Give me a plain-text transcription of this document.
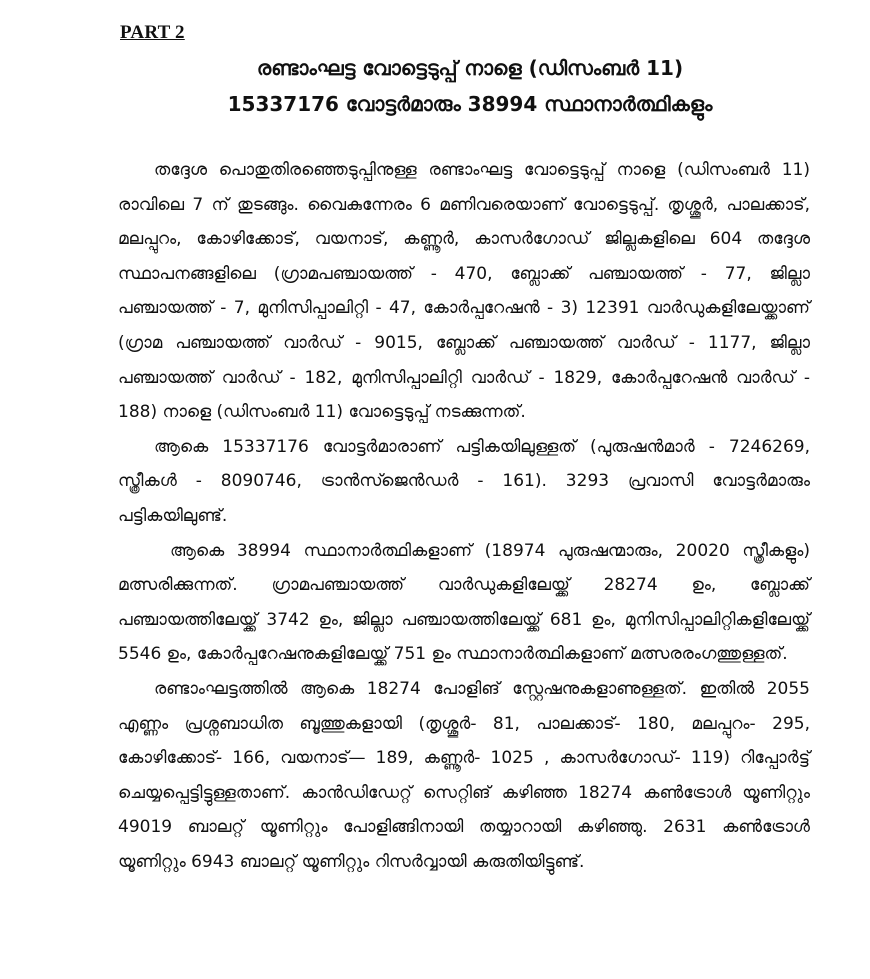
PART 2
രണ്ടാംഘട്ട വോട്ടെടുപ്പ് നാളെ (ഡിസംബർ 11)
15337176 വോട്ടർമാരും 38994 സ്ഥാനാർത്ഥികളും

തദ്ദേശ പൊതുതിരഞ്ഞെടുപ്പിനുള്ള രണ്ടാംഘട്ട വോട്ടെടുപ്പ് നാളെ (ഡിസംബർ 11) രാവിലെ 7 ന് തുടങ്ങും. വൈകുന്നേരം 6 മണിവരെയാണ് വോട്ടെടുപ്പ്. തൃശ്ശൂർ, പാലക്കാട്, മലപ്പുറം, കോഴിക്കോട്, വയനാട്, കണ്ണൂർ, കാസർഗോഡ് ജില്ലകളിലെ 604 തദ്ദേശ സ്ഥാപനങ്ങളിലെ (ഗ്രാമപഞ്ചായത്ത് - 470, ബ്ലോക്ക് പഞ്ചായത്ത് - 77, ജില്ലാ പഞ്ചായത്ത് - 7, മുനിസിപ്പാലിറ്റി - 47, കോർപ്പറേഷൻ - 3) 12391 വാർഡുകളിലേയ്ക്കാണ് (ഗ്രാമ പഞ്ചായത്ത് വാർഡ് - 9015, ബ്ലോക്ക് പഞ്ചായത്ത് വാർഡ് - 1177, ജില്ലാ പഞ്ചായത്ത് വാർഡ് - 182, മുനിസിപ്പാലിറ്റി വാർഡ് - 1829, കോർപ്പറേഷൻ വാർഡ് - 188) നാളെ (ഡിസംബർ 11) വോട്ടെടുപ്പ് നടക്കുന്നത്.

ആകെ 15337176 വോട്ടർമാരാണ് പട്ടികയിലുള്ളത് (പുരുഷൻമാർ - 7246269, സ്ത്രീകൾ - 8090746, ട്രാൻസ്ജെൻഡർ - 161). 3293 പ്രവാസി വോട്ടർമാരും പട്ടികയിലുണ്ട്.

ആകെ 38994 സ്ഥാനാർത്ഥികളാണ് (18974 പുരുഷന്മാരും, 20020 സ്ത്രീകളും) മത്സരിക്കുന്നത്. ഗ്രാമപഞ്ചായത്ത് വാർഡുകളിലേയ്ക്ക് 28274 ഉം, ബ്ലോക്ക് പഞ്ചായത്തിലേയ്ക്ക് 3742 ഉം, ജില്ലാ പഞ്ചായത്തിലേയ്ക്ക് 681 ഉം, മുനിസിപ്പാലിറ്റികളിലേയ്ക്ക് 5546 ഉം, കോർപ്പറേഷനുകളിലേയ്ക്ക് 751 ഉം സ്ഥാനാർത്ഥികളാണ് മത്സരരംഗത്തുള്ളത്.

രണ്ടാംഘട്ടത്തിൽ ആകെ 18274 പോളിങ് സ്റ്റേഷനുകളാണുള്ളത്. ഇതിൽ 2055 എണ്ണം പ്രശ്നബാധിത ബൂത്തുകളായി (തൃശ്ശൂർ- 81, പാലക്കാട്- 180, മലപ്പുറം- 295, കോഴിക്കോട്- 166, വയനാട്— 189, കണ്ണൂർ- 1025 , കാസർഗോഡ്- 119) റിപ്പോർട്ട് ചെയ്യപ്പെട്ടിട്ടുള്ളതാണ്. കാൻഡിഡേറ്റ് സെറ്റിങ് കഴിഞ്ഞ 18274 കൺട്രോൾ യൂണിറ്റും 49019 ബാലറ്റ് യൂണിറ്റും പോളിങ്ങിനായി തയ്യാറായി കഴിഞ്ഞു. 2631 കൺട്രോൾ യൂണിറ്റും 6943 ബാലറ്റ് യൂണിറ്റും റിസർവ്വായി കരുതിയിട്ടുണ്ട്.
